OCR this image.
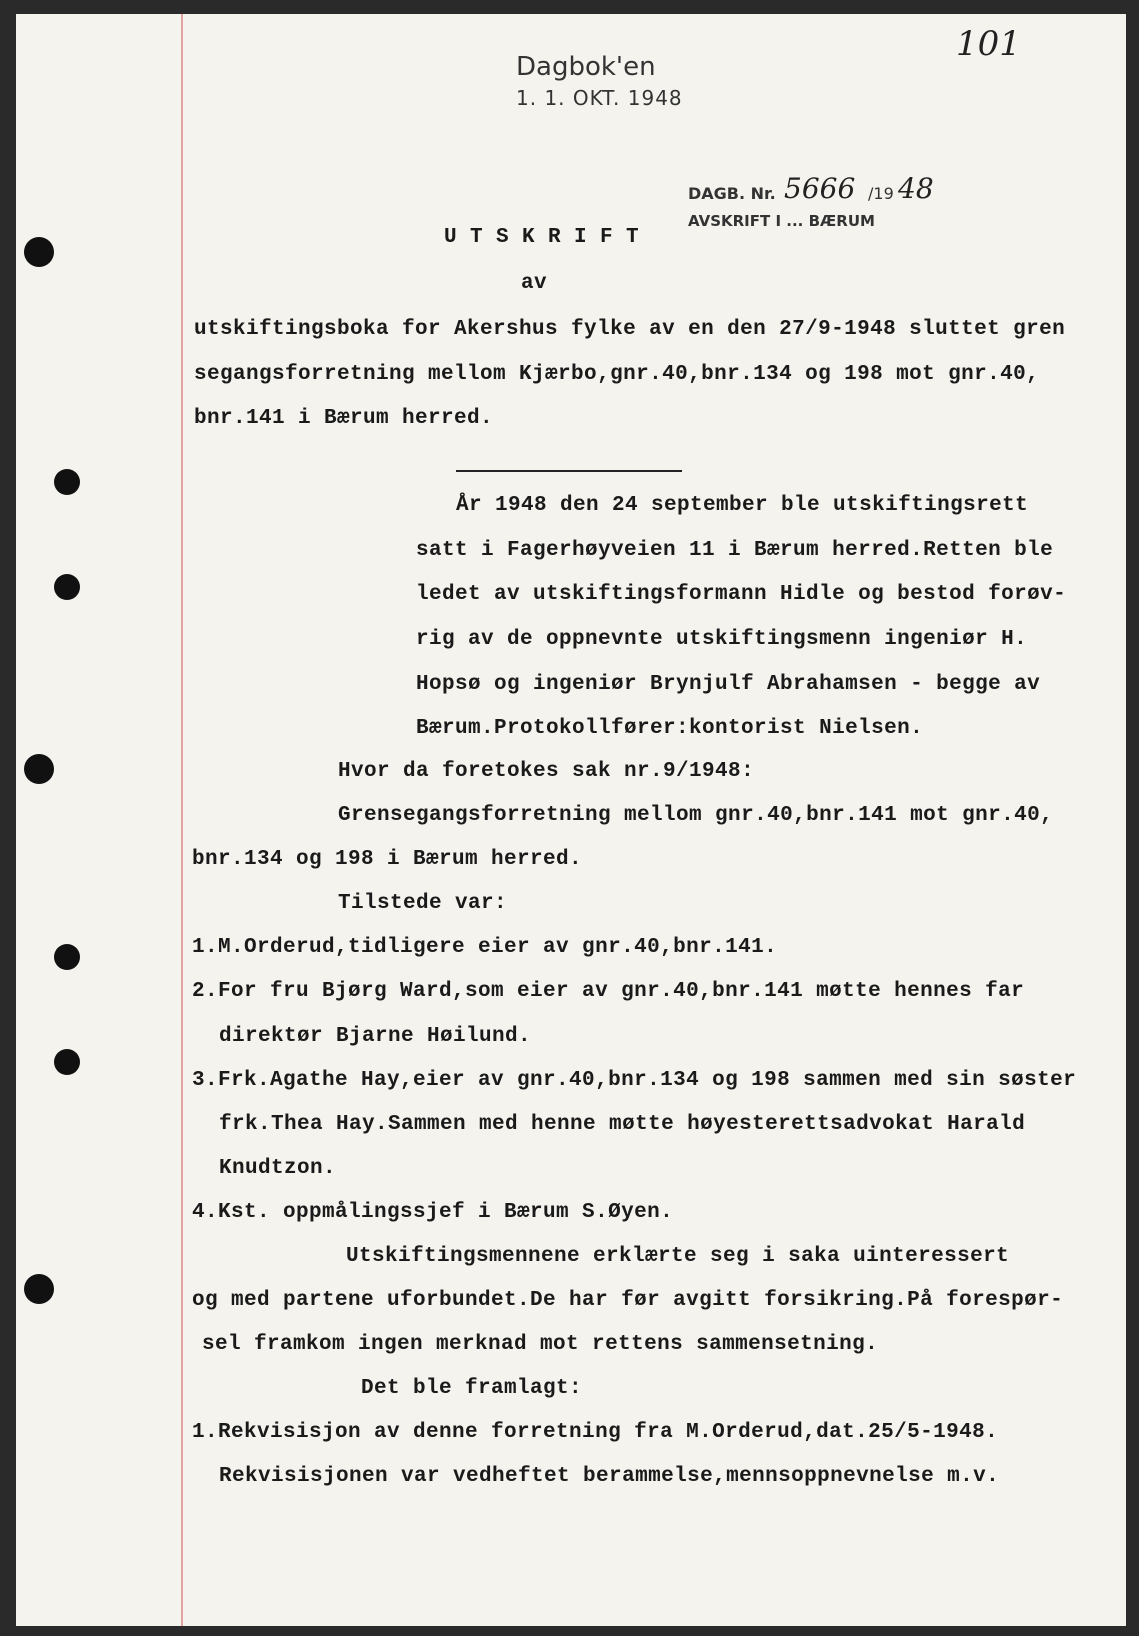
101
Dagbok'en
1. 1. OKT. 1948
DAGB. Nr. 5666 /19 48
AVSKRIFT I ... BÆRUM
U T S K R I F T
av
utskiftingsboka for Akershus fylke av en den 27/9-1948 sluttet gren
segangsforretning mellom Kjærbo,gnr.40,bnr.134 og 198 mot gnr.40,
bnr.141 i Bærum herred.
År 1948 den 24 september ble utskiftingsrett
satt i Fagerhøyveien 11 i Bærum herred.Retten ble
ledet av utskiftingsformann Hidle og bestod forøv-
rig av de oppnevnte utskiftingsmenn ingeniør H.
Hopsø og ingeniør Brynjulf Abrahamsen - begge av
Bærum.Protokollfører:kontorist Nielsen.
Hvor da foretokes sak nr.9/1948:
Grensegangsforretning mellom gnr.40,bnr.141 mot gnr.40,
bnr.134 og 198 i Bærum herred.
Tilstede var:
1.M.Orderud,tidligere eier av gnr.40,bnr.141.
2.For fru Bjørg Ward,som eier av gnr.40,bnr.141 møtte hennes far
direktør Bjarne Høilund.
3.Frk.Agathe Hay,eier av gnr.40,bnr.134 og 198 sammen med sin søster
frk.Thea Hay.Sammen med henne møtte høyesterettsadvokat Harald
Knudtzon.
4.Kst. oppmålingssjef i Bærum S.Øyen.
Utskiftingsmennene erklærte seg i saka uinteressert
og med partene uforbundet.De har før avgitt forsikring.På forespør-
sel framkom ingen merknad mot rettens sammensetning.
Det ble framlagt:
1.Rekvisisjon av denne forretning fra M.Orderud,dat.25/5-1948.
Rekvisisjonen var vedheftet berammelse,mennsoppnevnelse m.v.
